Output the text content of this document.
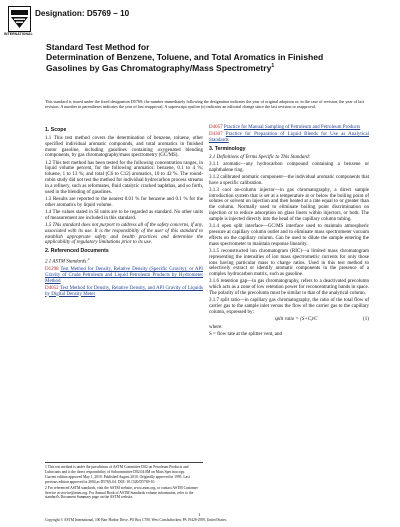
INTERNATIONAL
Designation: D5769 – 10
Standard Test Method for
Determination of Benzene, Toluene, and Total Aromatics in Finished Gasolines by Gas Chromatography/Mass Spectrometry$^1$
This standard is issued under the fixed designation D5769; the number immediately following the designation indicates the year of original adoption or, in the case of revision, the year of last revision. A number in parentheses indicates the year of last reapproval. A superscript epsilon (ε) indicates an editorial change since the last revision or reapproval.
1. Scope

1.1 This test method covers the determination of benzene, toluene, other specified individual aromatic compounds, and total aromatics in finished motor gasoline, including gasolines containing oxygenated blending components, by gas chromatography/mass spectrometry (GC/MS).

1.2 This test method has been tested for the following concentration ranges, in liquid volume percent, for the following aromatics: benzene, 0.1 to 4 %; toluene, 1 to 13 %; and total (C6 to C12) aromatics, 10 to 42 %. The round-robin study did not test the method for individual hydrocarbon process streams in a refinery, such as reformates, fluid catalytic cracked naphthas, and so forth, used in the blending of gasolines.

1.3 Results are reported to the nearest 0.01 % for benzene and 0.1 % for the other aromatics by liquid volume.

1.4 The values stated in SI units are to be regarded as standard. No other units of measurement are included in this standard.

1.5 This standard does not purport to address all of the safety concerns, if any, associated with its use. It is the responsibility of the user of this standard to establish appropriate safety and health practices and determine the applicability of regulatory limitations prior to its use.

2. Referenced Documents

2.1 ASTM Standards:$^2$

D1298 Test Method for Density, Relative Density (Specific Gravity), or API Gravity of Crude Petroleum and Liquid Petroleum Products by Hydrometer Method

D4052 Test Method for Density, Relative Density, and API Gravity of Liquids by Digital Density Meter

1 This test method is under the jurisdiction of ASTM Committee D02 on Petroleum Products and Lubricants and is the direct responsibility of Subcommittee D02.04.0M on Mass Spectroscopy.

Current edition approved May 1, 2010. Published August 2010. Originally approved in 1995. Last previous edition approved in 2004 as D5769–04. DOI: 10.1520/D5769-10.

2 For referenced ASTM standards, visit the ASTM website, www.astm.org, or contact ASTM Customer Service at service@astm.org. For Annual Book of ASTM Standards volume information, refer to the standard's Document Summary page on the ASTM website.

D4057 Practice for Manual Sampling of Petroleum and Petroleum Products

D4307 Practice for Preparation of Liquid Blends for Use as Analytical Standards

3. Terminology

3.1 Definitions of Terms Specific to This Standard:

3.1.1 aromatic—any hydrocarbon compound containing a benzene or naphthalene ring.

3.1.2 calibrated aromatic component—the individual aromatic components that have a specific calibration.

3.1.3 cool on-column injector—in gas chromatography, a direct sample introduction system that is set at a temperature at or below the boiling point of solutes or solvent on injection and then heated at a rate equal to or greater than the column. Normally used to eliminate boiling point discrimination on injection or to reduce adsorption on glass liners within injectors, or both. The sample is injected directly into the head of the capillary column tubing.

3.1.4 open split interface—GC/MS interface used to maintain atmospheric pressure at capillary column outlet and to eliminate mass spectrometer vacuum effects on the capillary column. Can be used to dilute the sample entering the mass spectrometer to maintain response linearity.

3.1.5 reconstructed ion chromatogram (RIC)—a limited mass chromatogram representing the intensities of ion mass spectrometric currents for only those ions having particular mass to charge ratios. Used in this test method to selectively extract or identify aromatic components in the presence of a complex hydrocarbon matrix, such as gasoline.

3.1.6 retention gap—in gas chromatography, refers to a deactivated precolumn which acts as a zone of low retention power for reconcentrating bands in space. The polarity of the precolumn must be similar to that of the analytical column.

3.1.7 split ratio—in capillary gas chromatography, the ratio of the total flow of carrier gas to the sample inlet versus the flow of the carrier gas to the capillary column, expressed by:

split ratio = (S+C)/C	(1)

where:

S = flow rate at the splitter vent, and

1
Copyright © ASTM International, 100 Barr Harbor Drive, PO Box C700, West Conshohocken, PA 19428-2959, United States.
